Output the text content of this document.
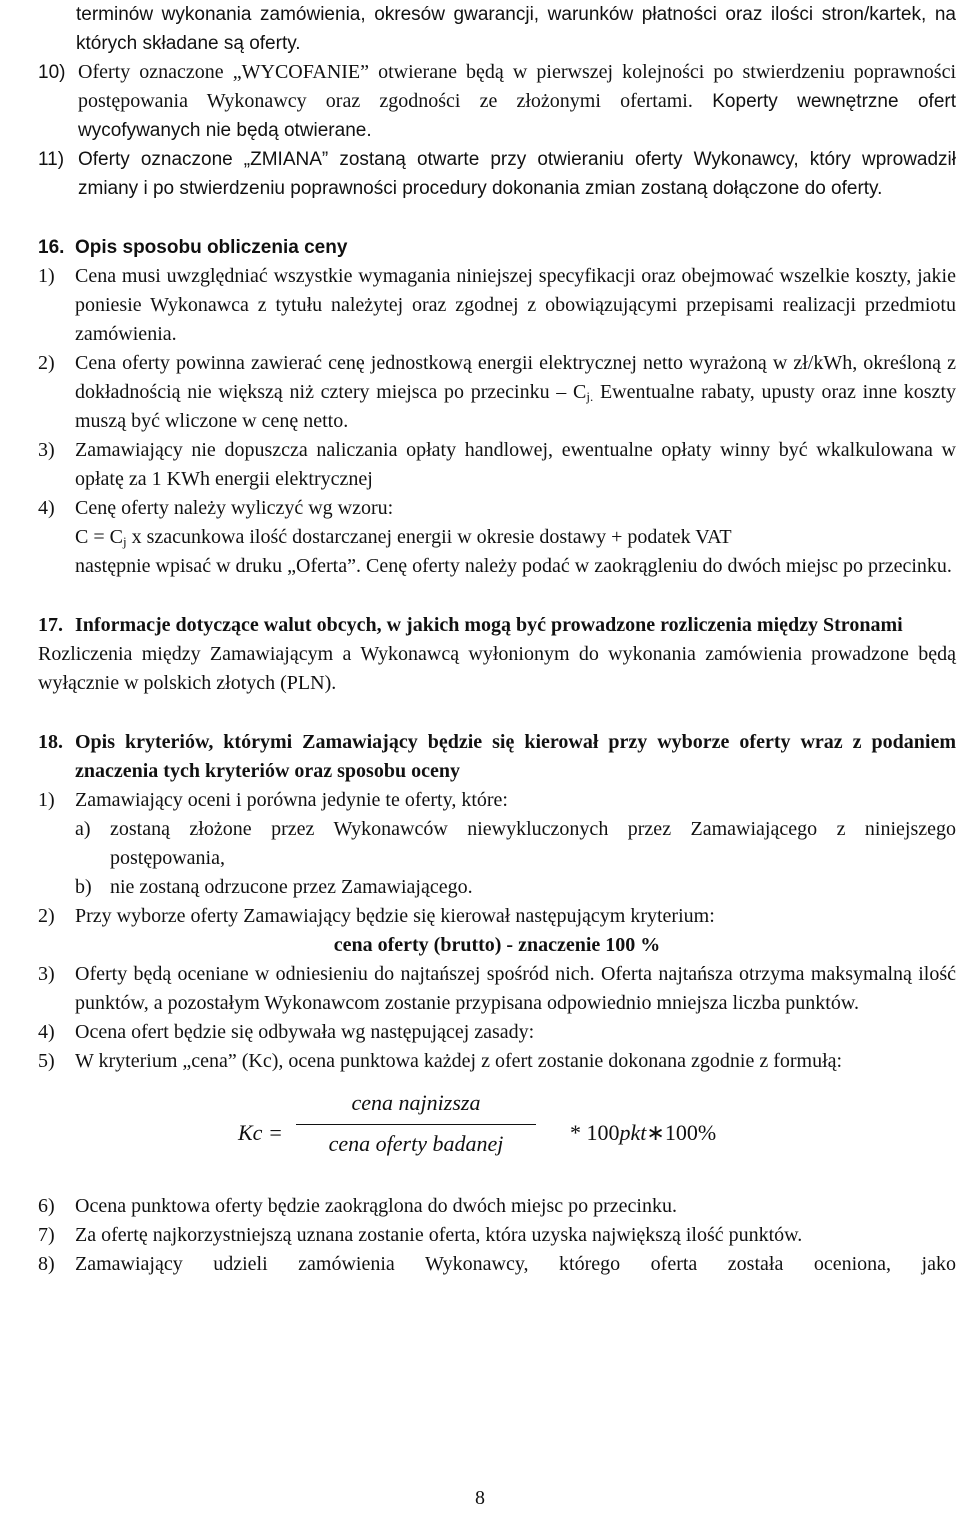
terminów wykonania zamówienia, okresów gwarancji, warunków płatności oraz ilości stron/kartek, na których składane są oferty.

10) Oferty oznaczone „WYCOFANIE” otwierane będą w pierwszej kolejności po stwierdzeniu poprawności postępowania Wykonawcy oraz zgodności ze złożonymi ofertami. Koperty wewnętrzne ofert wycofywanych nie będą otwierane.
11) Oferty oznaczone „ZMIANA” zostaną otwarte przy otwieraniu oferty Wykonawcy, który wprowadził zmiany i po stwierdzeniu poprawności procedury dokonania zmian zostaną dołączone do oferty.
16. Opis sposobu obliczenia ceny
1)	Cena musi uwzględniać wszystkie wymagania niniejszej specyfikacji oraz obejmować wszelkie koszty, jakie poniesie Wykonawca z tytułu należytej oraz zgodnej z obowiązującymi przepisami realizacji przedmiotu zamówienia.
2)	Cena oferty powinna zawierać cenę jednostkową energii elektrycznej netto wyrażoną w zł/kWh, określoną z dokładnością nie większą niż cztery miejsca po przecinku – $C_{j.}$ Ewentualne rabaty, upusty oraz inne koszty muszą być wliczone w cenę netto.
3)	Zamawiający nie dopuszcza naliczania opłaty handlowej, ewentualne opłaty winny być wkalkulowana w opłatę za 1 KWh energii elektrycznej
4)	Cenę oferty należy wyliczyć wg wzoru:
$C = C_j$ x szacunkowa ilość dostarczanej energii w okresie dostawy + podatek VAT

następnie wpisać w druku „Oferta”. Cenę oferty należy podać w zaokrągleniu do dwóch miejsc po przecinku.

17. Informacje dotyczące walut obcych, w jakich mogą być prowadzone rozliczenia między Stronami

Rozliczenia między Zamawiającym a Wykonawcą wyłonionym do wykonania zamówienia prowadzone będą wyłącznie w polskich złotych (PLN).

18. Opis kryteriów, którymi Zamawiający będzie się kierował przy wyborze oferty wraz z podaniem znaczenia tych kryteriów oraz sposobu oceny
1)	Zamawiający oceni i porówna jedynie te oferty, które:
a) zostaną złożone przez Wykonawców niewykluczonych przez Zamawiającego z niniejszego postępowania,
b) nie zostaną odrzucone przez Zamawiającego.
2)	Przy wyborze oferty Zamawiający będzie się kierował następującym kryterium:
cena oferty (brutto) - znaczenie 100 %
3)	Oferty będą oceniane w odniesieniu do najtańszej spośród nich. Oferta najtańsza otrzyma maksymalną ilość punktów, a pozostałym Wykonawcom zostanie przypisana odpowiednio mniejsza liczba punktów.
4)	Ocena ofert będzie się odbywała wg następującej zasady:
5)	W kryterium „cena” (Kc), ocena punktowa każdej z ofert zostanie dokonana zgodnie z formułą:
Kc =
cena najnizsza
cena oferty badanej	* 100pkt∗100%
6)	Ocena punktowa oferty będzie zaokrąglona do dwóch miejsc po przecinku.
7)	Za ofertę najkorzystniejszą uznana zostanie oferta, która uzyska największą ilość punktów.
8)	Zamawiający udzieli zamówienia Wykonawcy, którego oferta została oceniona, jako
8
